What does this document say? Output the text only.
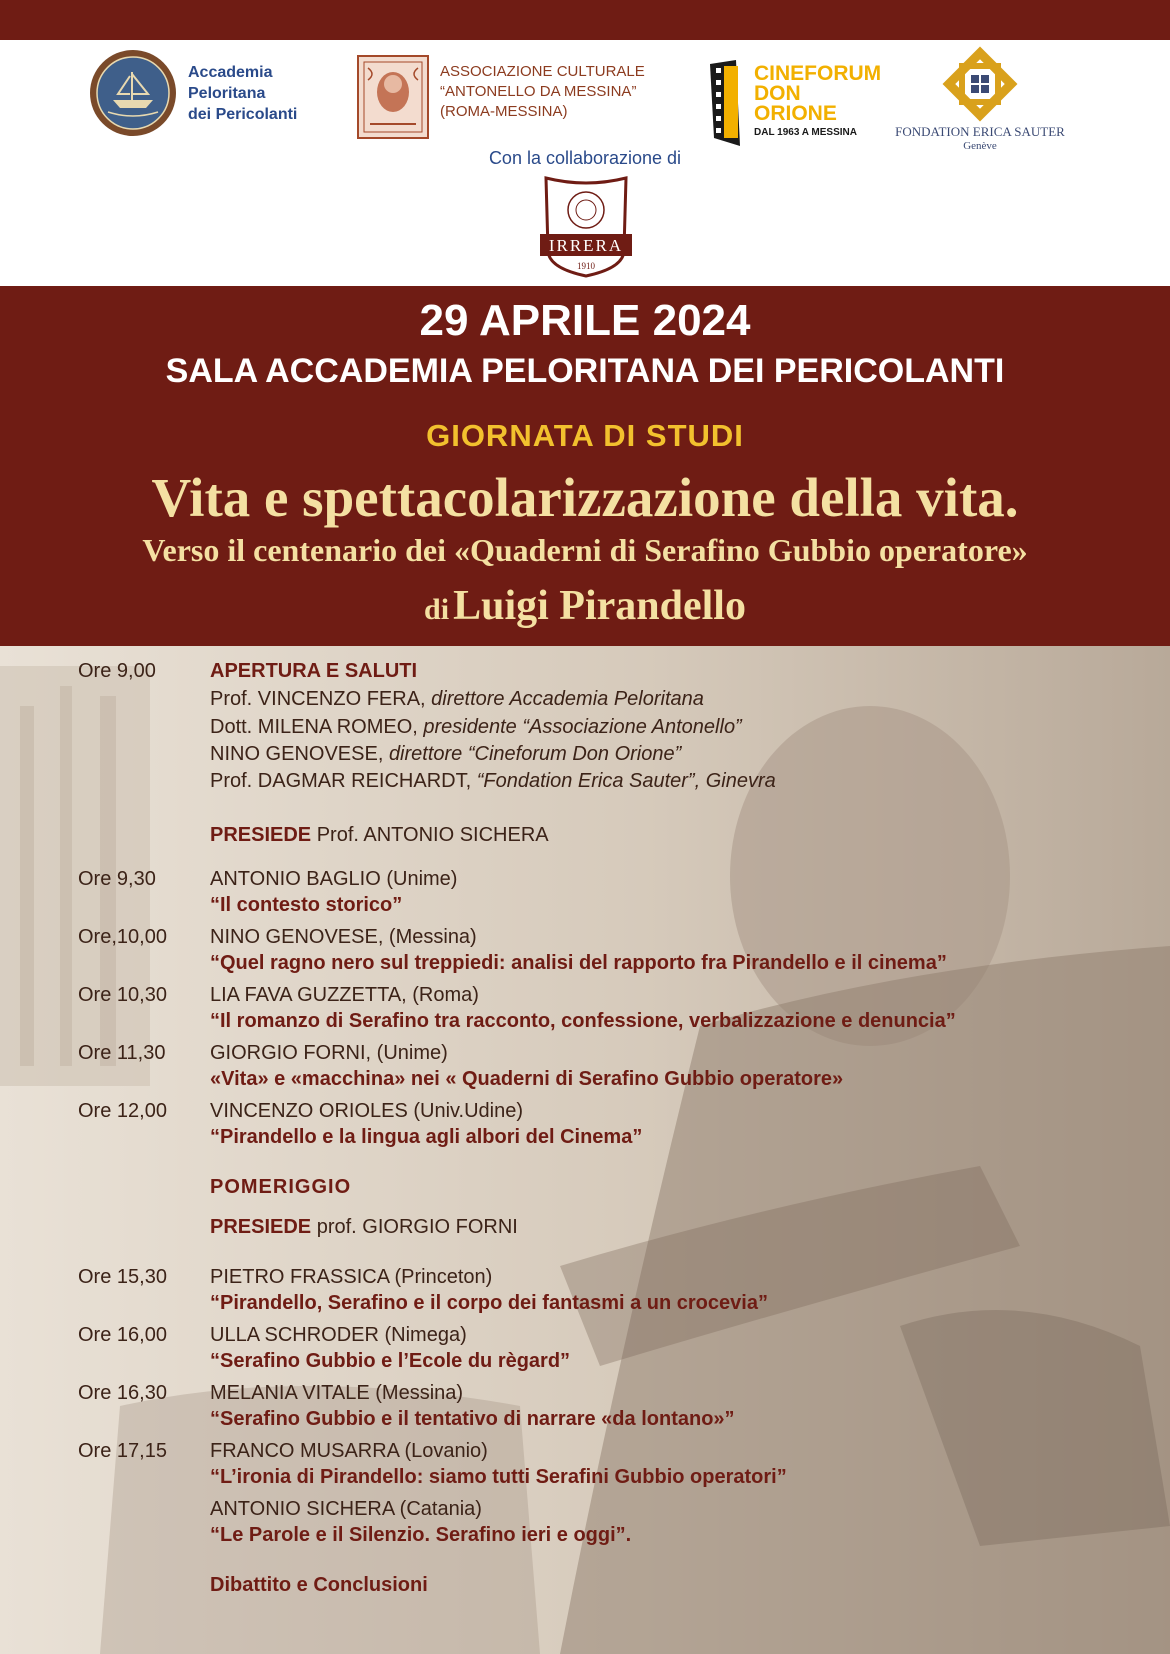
Accademia
Peloritana
dei Pericolanti
ASSOCIAZIONE CULTURALE
“ANTONELLO DA MESSINA”
(ROMA-MESSINA)
CINEFORUM
DON
ORIONE
DAL 1963 A MESSINA	FONDATION ERICA SAUTER
Genève
Con la collaborazione di
IRRERA
1910
29 APRILE 2024
SALA ACCADEMIA PELORITANA DEI PERICOLANTI
GIORNATA DI STUDI
Vita e spettacolarizzazione della vita.
Verso il centenario dei «Quaderni di Serafino Gubbio operatore»
di Luigi Pirandello
Ore 9,00	APERTURA E SALUTI
Prof. VINCENZO FERA, direttore Accademia Peloritana
Dott. MILENA ROMEO, presidente “Associazione Antonello”
NINO GENOVESE, direttore “Cineforum Don Orione”
Prof. DAGMAR REICHARDT, “Fondation Erica Sauter”, Ginevra
PRESIEDE Prof. ANTONIO SICHERA
Ore 9,30	ANTONIO BAGLIO (Unime)
“Il contesto storico”
Ore,10,00 NINO GENOVESE, (Messina)
“Quel ragno nero sul treppiedi: analisi del rapporto fra Pirandello e il cinema”
Ore 10,30 LIA FAVA GUZZETTA, (Roma)
“Il romanzo di Serafino tra racconto, confessione, verbalizzazione e denuncia”
Ore 11,30 GIORGIO FORNI, (Unime)
«Vita» e «macchina» nei « Quaderni di Serafino Gubbio operatore»
Ore 12,00 VINCENZO ORIOLES (Univ.Udine)
“Pirandello e la lingua agli albori del Cinema”
POMERIGGIO
PRESIEDE prof. GIORGIO FORNI
Ore 15,30 PIETRO FRASSICA (Princeton)
“Pirandello, Serafino e il corpo dei fantasmi a un crocevia”
Ore 16,00 ULLA SCHRODER (Nimega)
“Serafino Gubbio e l’Ecole du règard”
Ore 16,30 MELANIA VITALE (Messina)
“Serafino Gubbio e il tentativo di narrare «da lontano»”
Ore 17,15 FRANCO MUSARRA (Lovanio)
“L’ironia di Pirandello: siamo tutti Serafini Gubbio operatori”
ANTONIO SICHERA (Catania)
“Le Parole e il Silenzio. Serafino ieri e oggi”.
Dibattito e Conclusioni
